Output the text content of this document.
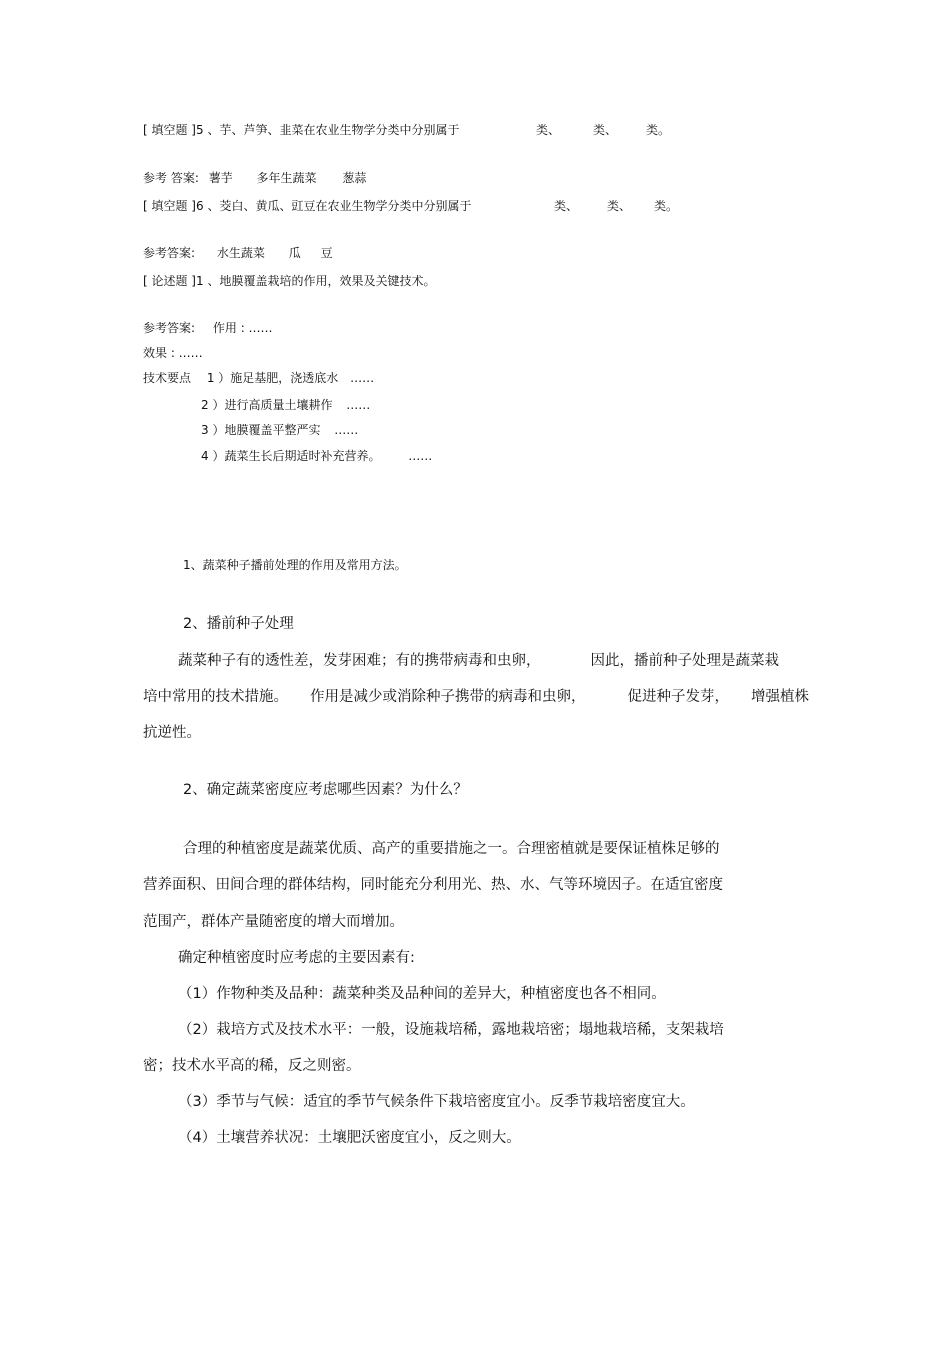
[ 填空题 ]5 、芋、芦笋、韭菜在农业生物学分类中分别属于	类、	类、 类。
参考 答案: 薯芋 多年生蔬菜 葱蒜
[ 填空题 ]6 、茭白、黄瓜、豇豆在农业生物学分类中分别属于	类、 类、 类。
参考答案: 水生蔬菜 瓜 豆
[ 论述题 ]1 、地膜覆盖栽培的作用，效果及关键技术。
参考答案: 作用 : ……
效果 : ……
技术要点 1 ）施足基肥，浇透底水 ……
2 ）进行高质量土壤耕作 ……
3 ）地膜覆盖平整严实 ……
4 ）蔬菜生长后期适时补充营养。 ……
1、蔬菜种子播前处理的作用及常用方法。
2、播前种子处理
蔬菜种子有的透性差，发芽困难；有的携带病毒和虫卵，	因此，播前种子处理是蔬菜栽
培中常用的技术措施。 作用是减少或消除种子携带的病毒和虫卵，	促进种子发芽， 增强植株
抗逆性。
2、确定蔬菜密度应考虑哪些因素？为什么？
合理的种植密度是蔬菜优质、高产的重要措施之一。合理密植就是要保证植株足够的
营养面积、田间合理的群体结构，同时能充分利用光、热、水、气等环境因子。在适宜密度
范围产，群体产量随密度的增大而增加。
确定种植密度时应考虑的主要因素有:
（1）作物种类及品种：蔬菜种类及品种间的差异大，种植密度也各不相同。
（2）栽培方式及技术水平：一般，设施栽培稀，露地栽培密；塌地栽培稀，支架栽培
密；技术水平高的稀，反之则密。
（3）季节与气候：适宜的季节气候条件下栽培密度宜小。反季节栽培密度宜大。
（4）土壤营养状况：土壤肥沃密度宜小，反之则大。
